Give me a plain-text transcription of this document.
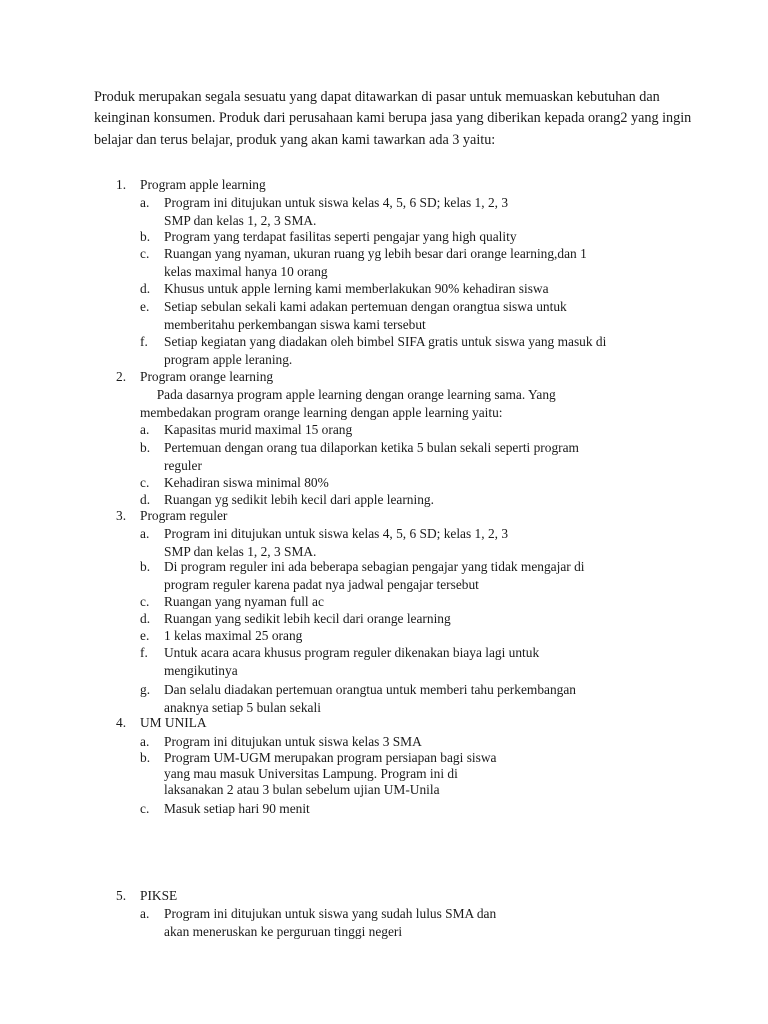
Produk merupakan segala sesuatu yang dapat ditawarkan di pasar untuk memuaskan kebutuhan dan keinginan konsumen. Produk dari perusahaan kami berupa jasa yang diberikan kepada orang2 yang ingin belajar dan terus belajar, produk yang akan kami tawarkan ada 3 yaitu:
1.	Program apple learning
a.	Program ini ditujukan untuk siswa kelas 4, 5, 6 SD; kelas 1, 2, 3
SMP dan kelas 1, 2, 3 SMA.
b.	Program yang terdapat fasilitas seperti pengajar yang high quality
c.	Ruangan yang nyaman, ukuran ruang yg lebih besar dari orange learning,dan 1
kelas maximal hanya 10 orang
d.	Khusus untuk apple lerning kami memberlakukan 90% kehadiran siswa
e.	Setiap sebulan sekali kami adakan pertemuan dengan orangtua siswa untuk
memberitahu perkembangan siswa kami tersebut
f.	Setiap kegiatan yang diadakan oleh bimbel SIFA gratis untuk siswa yang masuk di
program apple leraning.
2.	Program orange learning
Pada dasarnya program apple learning dengan orange learning sama. Yang
membedakan program orange learning dengan apple learning yaitu:
a.	Kapasitas murid maximal 15 orang
b.	Pertemuan dengan orang tua dilaporkan ketika 5 bulan sekali seperti program
reguler
c.	Kehadiran siswa minimal 80%
d.	Ruangan yg sedikit lebih kecil dari apple learning.
3.	Program reguler
a.	Program ini ditujukan untuk siswa kelas 4, 5, 6 SD; kelas 1, 2, 3
SMP dan kelas 1, 2, 3 SMA.
b.	Di program reguler ini ada beberapa sebagian pengajar yang tidak mengajar di
program reguler karena padat nya jadwal pengajar tersebut
c.	Ruangan yang nyaman full ac
d.	Ruangan yang sedikit lebih kecil dari orange learning
e.	1 kelas maximal 25 orang
f.	Untuk acara acara khusus program reguler dikenakan biaya lagi untuk
mengikutinya
g.	Dan selalu diadakan pertemuan orangtua untuk memberi tahu perkembangan
anaknya setiap 5 bulan sekali
4.	UM UNILA
a.	Program ini ditujukan untuk siswa kelas 3 SMA
b.	Program UM-UGM merupakan program persiapan bagi siswa
yang mau masuk Universitas Lampung. Program ini di
laksanakan 2 atau 3 bulan sebelum ujian UM-Unila
c.	Masuk setiap hari 90 menit
5.	PIKSE
a.	Program ini ditujukan untuk siswa yang sudah lulus SMA dan
akan meneruskan ke perguruan tinggi negeri
